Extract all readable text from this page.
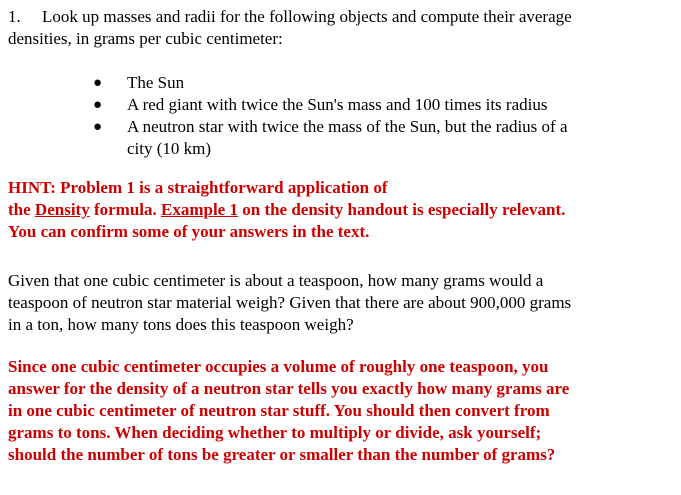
1. Look up masses and radii for the following objects and compute their average
densities, in grams per cubic centimeter:
● The Sun
● A red giant with twice the Sun's mass and 100 times its radius
● A neutron star with twice the mass of the Sun, but the radius of a
city (10 km)
HINT: Problem 1 is a straightforward application of
the Density formula. Example 1 on the density handout is especially relevant.
You can confirm some of your answers in the text.
Given that one cubic centimeter is about a teaspoon, how many grams would a
teaspoon of neutron star material weigh? Given that there are about 900,000 grams
in a ton, how many tons does this teaspoon weigh?
Since one cubic centimeter occupies a volume of roughly one teaspoon, you
answer for the density of a neutron star tells you exactly how many grams are
in one cubic centimeter of neutron star stuff. You should then convert from
grams to tons. When deciding whether to multiply or divide, ask yourself;
should the number of tons be greater or smaller than the number of grams?
